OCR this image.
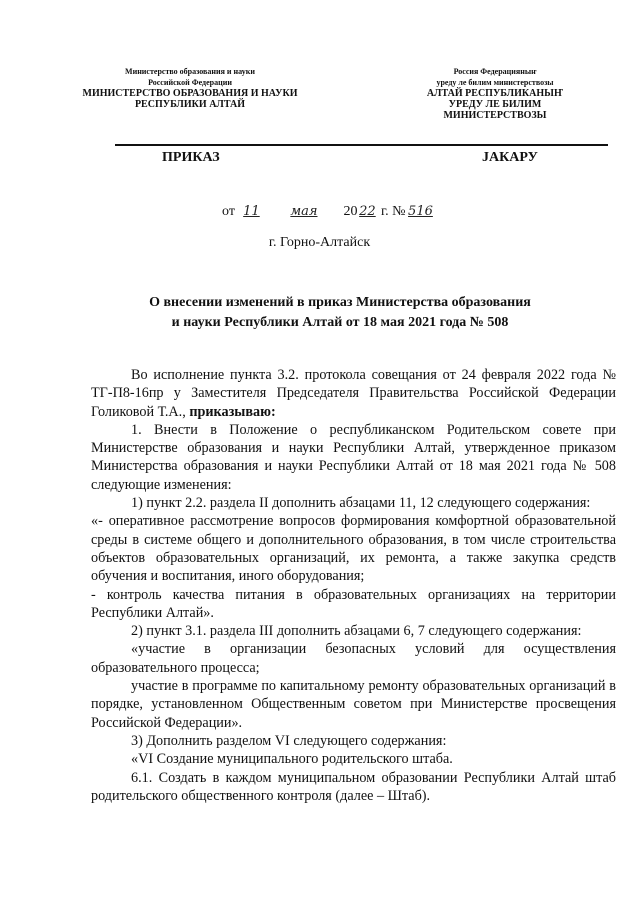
Министерство образования и науки
Российской Федерации
МИНИСТЕРСТВО ОБРАЗОВАНИЯ И НАУКИ
РЕСПУБЛИКИ АЛТАЙ
Россия Федерацияныҥ
уреду ле билим министерствозы
АЛТАЙ РЕСПУБЛИКАНЫҤ
УРЕДУ ЛЕ БИЛИМ
МИНИСТЕРСТВОЗЫ
ПРИКАЗ	JАКАРУ
от 11 мая 20 22 г. № 516
г. Горно-Алтайск
О внесении изменений в приказ Министерства образования
и науки Республики Алтай от 18 мая 2021 года № 508

Во исполнение пункта 3.2. протокола совещания от 24 февраля 2022 года № ТГ-П8-16пр у Заместителя Председателя Правительства Российской Федерации Голиковой Т.А., приказываю:

1. Внести в Положение о республиканском Родительском совете при Министерстве образования и науки Республики Алтай, утвержденное приказом Министерства образования и науки Республики Алтай от 18 мая 2021 года № 508 следующие изменения:

1) пункт 2.2. раздела II дополнить абзацами 11, 12 следующего содержания:

«- оперативное рассмотрение вопросов формирования комфортной образовательной среды в системе общего и дополнительного образования, в том числе строительства объектов образовательных организаций, их ремонта, а также закупка средств обучения и воспитания, иного оборудования;

- контроль качества питания в образовательных организациях на территории Республики Алтай».

2) пункт 3.1. раздела III дополнить абзацами 6, 7 следующего содержания:

«участие в организации безопасных условий для осуществления образовательного процесса;

участие в программе по капитальному ремонту образовательных организаций в порядке, установленном Общественным советом при Министерстве просвещения Российской Федерации».

3) Дополнить разделом VI следующего содержания:

«VI Создание муниципального родительского штаба.

6.1. Создать в каждом муниципальном образовании Республики Алтай штаб родительского общественного контроля (далее – Штаб).
